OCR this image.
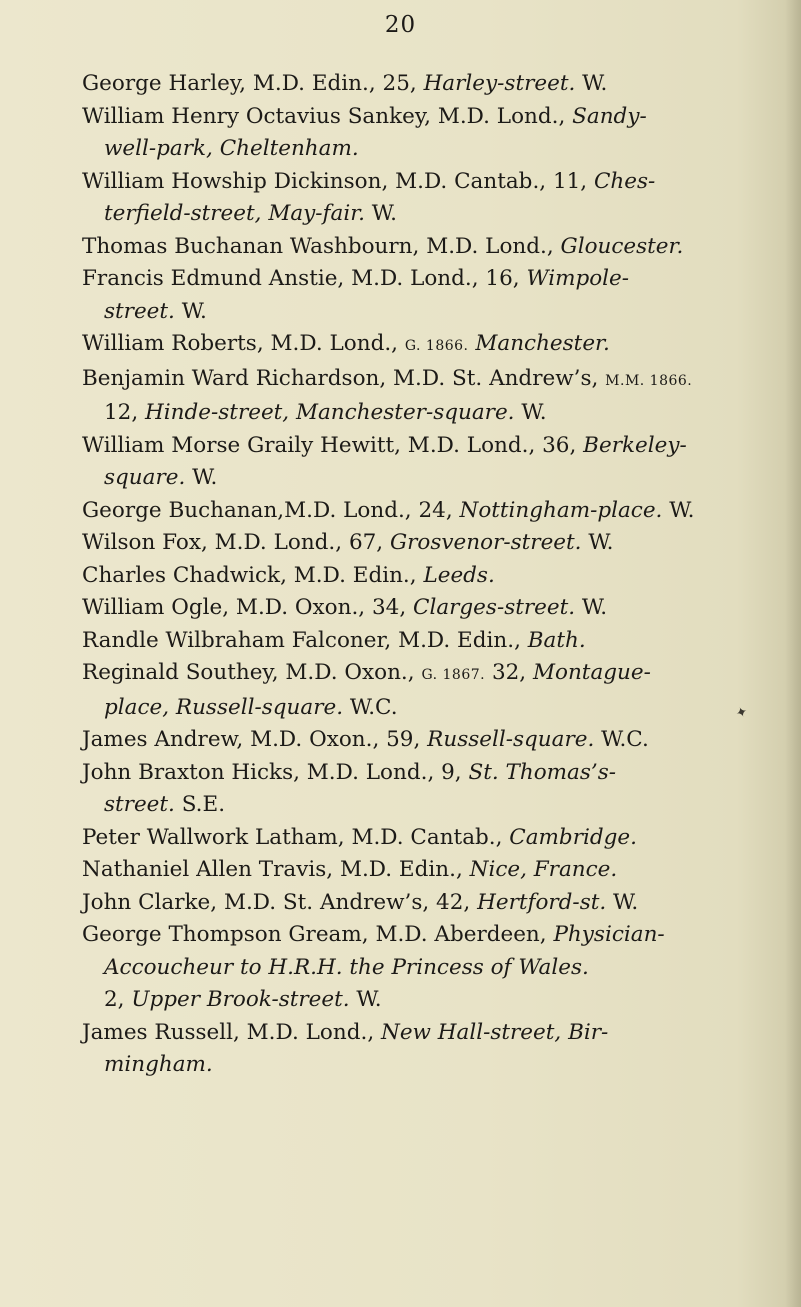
20
George Harley, M.D. Edin., 25, Harley-street. W.
William Henry Octavius Sankey, M.D. Lond., Sandy-
well-park, Cheltenham.
William Howship Dickinson, M.D. Cantab., 11, Ches-
terfield-street, May-fair. W.
Thomas Buchanan Washbourn, M.D. Lond., Gloucester.
Francis Edmund Anstie, M.D. Lond., 16, Wimpole-
street. W.
William Roberts, M.D. Lond., G. 1866. Manchester.
Benjamin Ward Richardson, M.D. St. Andrew’s, M.M. 1866.
12, Hinde-street, Manchester-square. W.
William Morse Graily Hewitt, M.D. Lond., 36, Berkeley-
square. W.
George Buchanan,M.D. Lond., 24, Nottingham-place. W.
Wilson Fox, M.D. Lond., 67, Grosvenor-street. W.
Charles Chadwick, M.D. Edin., Leeds.
William Ogle, M.D. Oxon., 34, Clarges-street. W.
Randle Wilbraham Falconer, M.D. Edin., Bath.
Reginald Southey, M.D. Oxon., G. 1867. 32, Montague-
place, Russell-square. W.C.
James Andrew, M.D. Oxon., 59, Russell-square. W.C.
John Braxton Hicks, M.D. Lond., 9, St. Thomas’s-
street. S.E.
Peter Wallwork Latham, M.D. Cantab., Cambridge.
Nathaniel Allen Travis, M.D. Edin., Nice, France.
John Clarke, M.D. St. Andrew’s, 42, Hertford-st. W.
George Thompson Gream, M.D. Aberdeen, Physician-
Accoucheur to H.R.H. the Princess of Wales.
2, Upper Brook-street. W.
James Russell, M.D. Lond., New Hall-street, Bir-
mingham.
✦
